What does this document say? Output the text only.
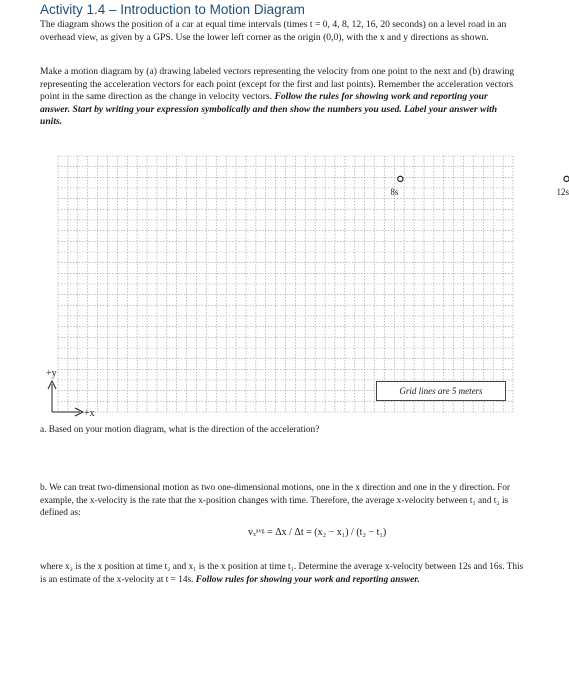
Activity 1.4 – Introduction to Motion Diagram
The diagram shows the position of a car at equal time intervals (times t = 0, 4, 8, 12, 16, 20 seconds) on a level road in an overhead view, as given by a GPS. Use the lower left corner as the origin (0,0), with the x and y directions as shown.
Make a motion diagram by (a) drawing labeled vectors representing the velocity from one point to the next and (b) drawing representing the acceleration vectors for each point (except for the first and last points). Remember the acceleration vectors point in the same direction as the change in velocity vectors. Follow the rules for showing work and reporting your answer. Start by writing your expression symbolically and then show the numbers you used. Label your answer with units.
8s	12s
+y
+x
Grid lines are 5 meters
a. Based on your motion diagram, what is the direction of the acceleration?
b. We can treat two-dimensional motion as two one-dimensional motions, one in the x direction and one in the y direction. For example, the x-velocity is the rate that the x-position changes with time. Therefore, the average x-velocity between t₁ and t₂ is defined as:
vₓᵃᵛᵍ = Δx / Δt = (x₂ − x₁) / (t₂ − t₁)
where x₂ is the x position at time t₂ and x₁ is the x position at time t₁. Determine the average x-velocity between 12s and 16s. This is an estimate of the x-velocity at t = 14s. Follow rules for showing your work and reporting answer.
